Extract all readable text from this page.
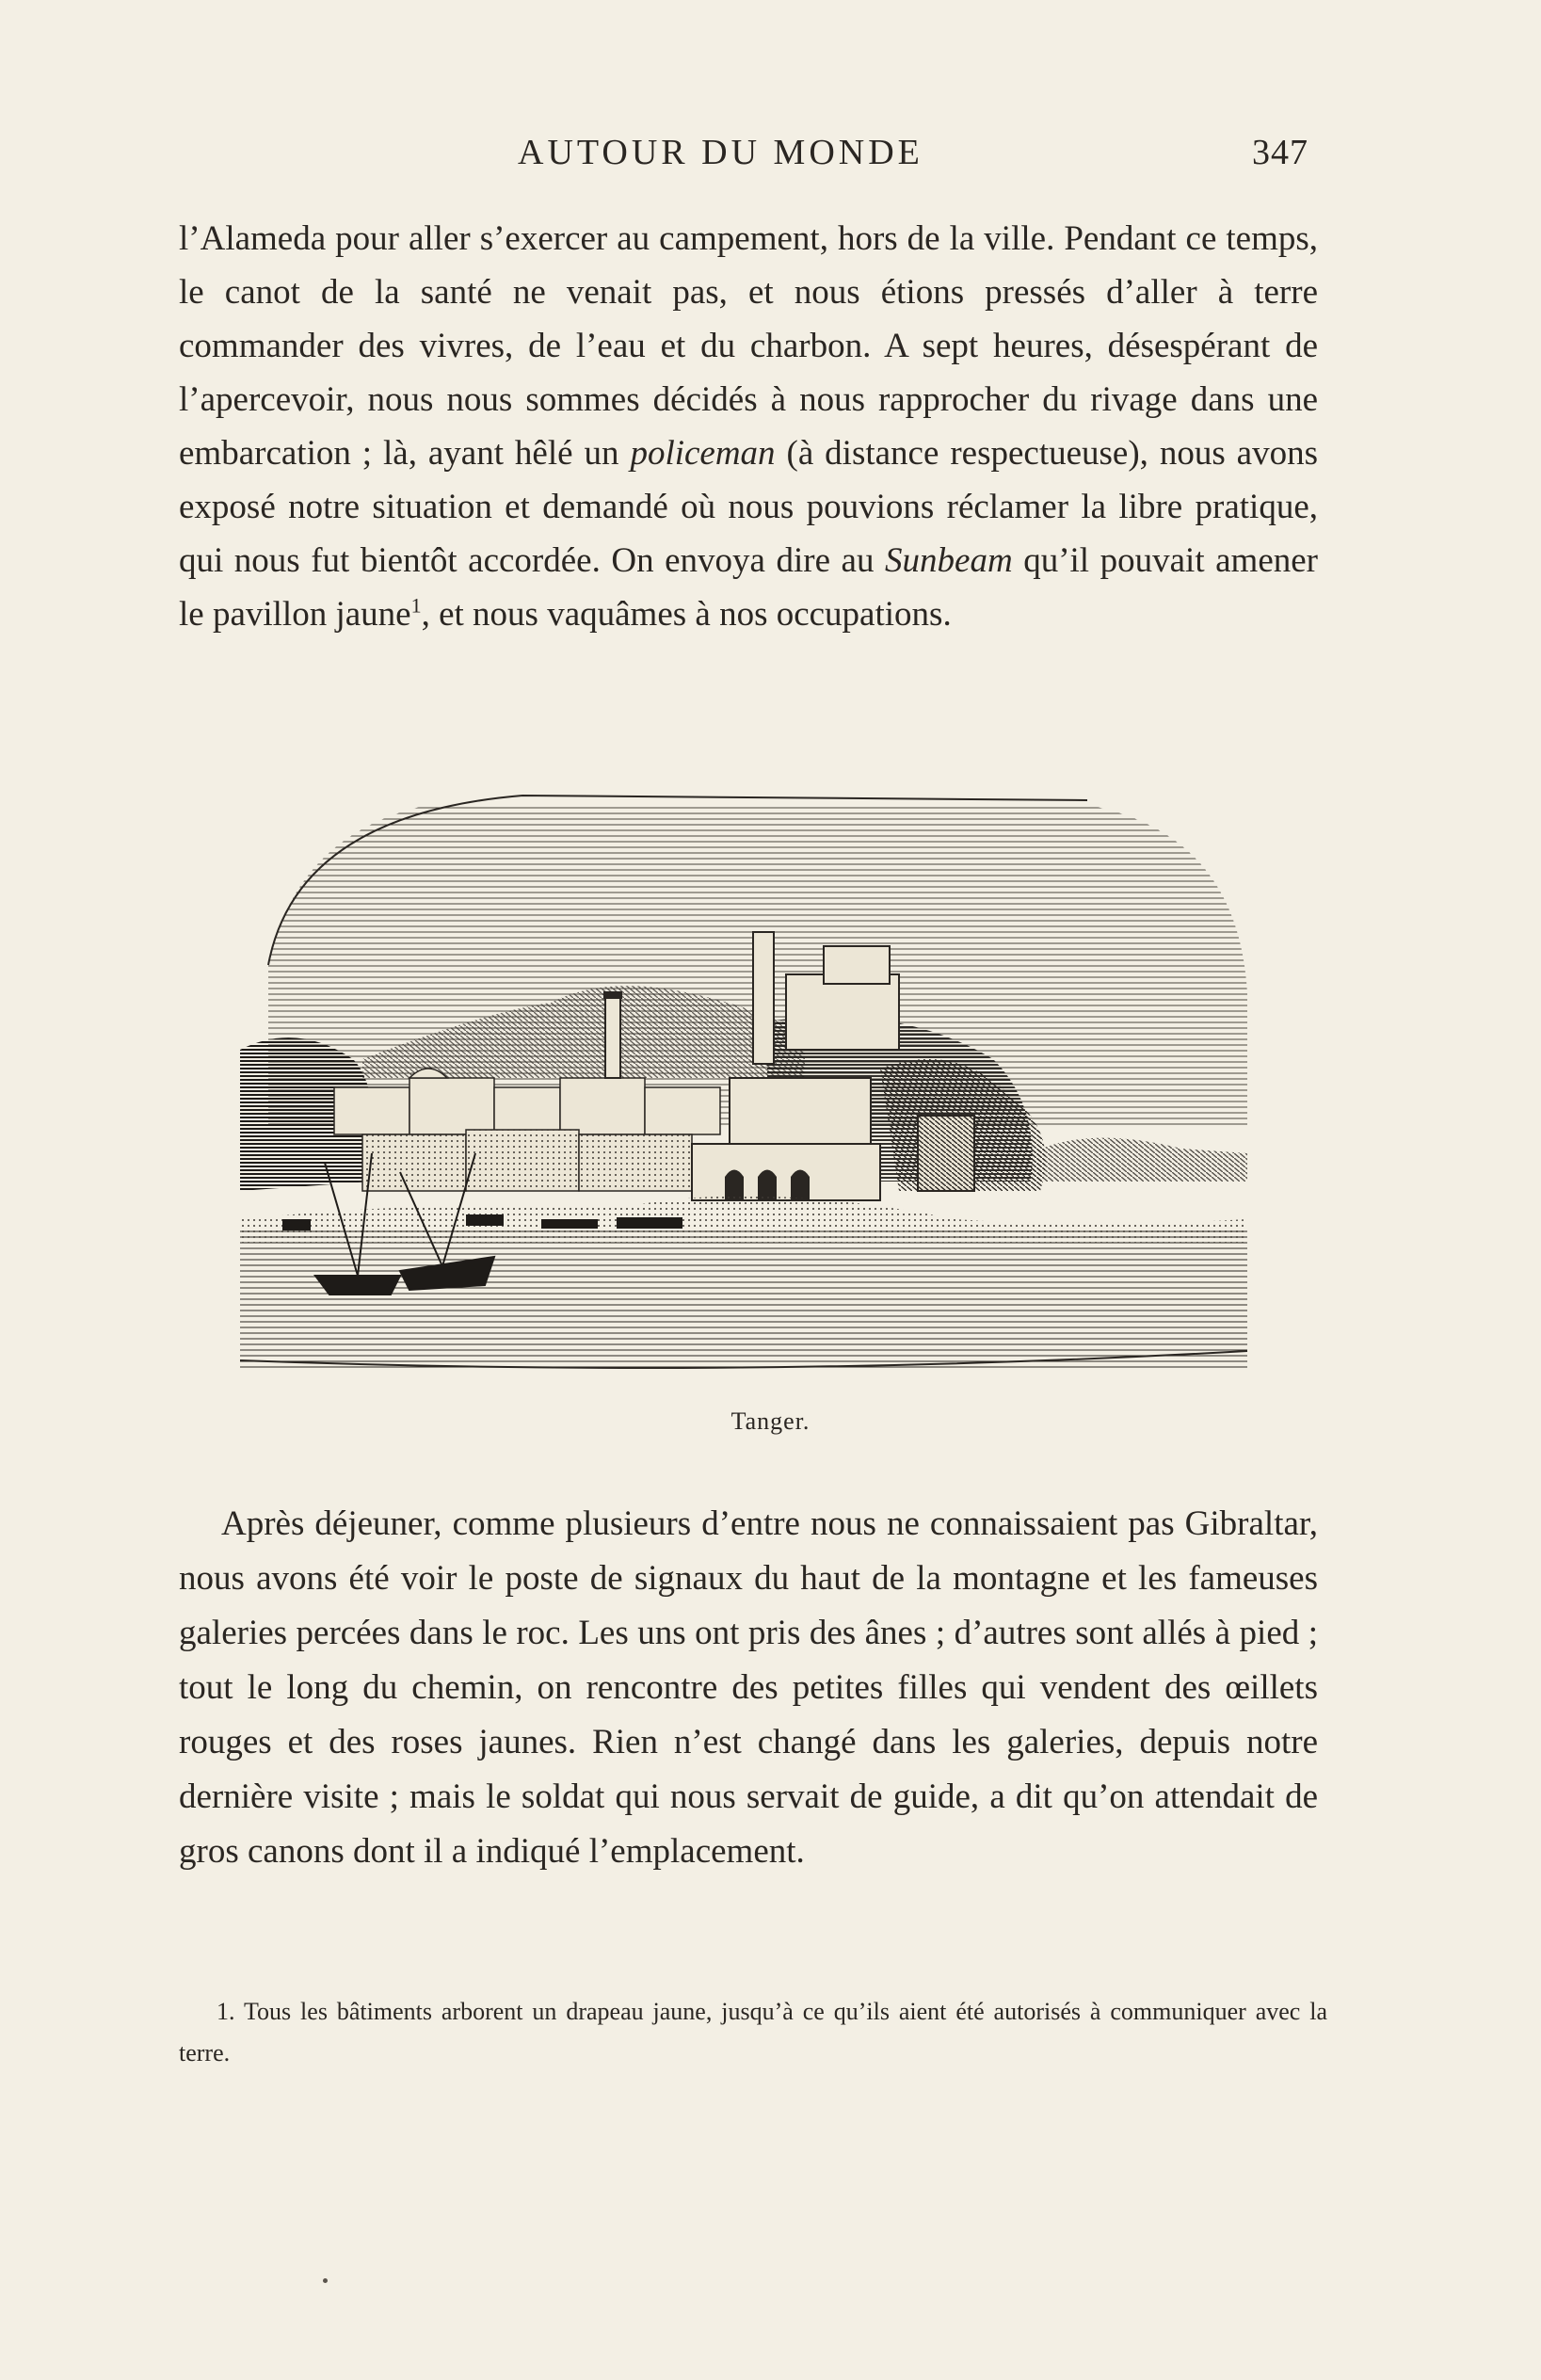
AUTOUR DU MONDE	347

l’Alameda pour aller s’exercer au campement, hors de la ville. Pendant ce temps, le canot de la santé ne venait pas, et nous étions pressés d’aller à terre commander des vivres, de l’eau et du charbon. A sept heures, désespérant de l’apercevoir, nous nous sommes décidés à nous rapprocher du rivage dans une embarcation ; là, ayant hêlé un policeman (à distance respectueuse), nous avons exposé notre situation et demandé où nous pouvions réclamer la libre pratique, qui nous fut bientôt accordée. On envoya dire au Sunbeam qu’il pouvait amener le pavillon jaune$^1$, et nous vaquâmes à nos occupations.

Tanger.

Après déjeuner, comme plusieurs d’entre nous ne connaissaient pas Gibraltar, nous avons été voir le poste de signaux du haut de la montagne et les fameuses galeries percées dans le roc. Les uns ont pris des ânes ; d’autres sont allés à pied ; tout le long du chemin, on rencontre des petites filles qui vendent des œillets rouges et des roses jaunes. Rien n’est changé dans les galeries, depuis notre dernière visite ; mais le soldat qui nous servait de guide, a dit qu’on attendait de gros canons dont il a indiqué l’emplacement.

1. Tous les bâtiments arborent un drapeau jaune, jusqu’à ce qu’ils aient été autorisés à communiquer avec la terre.
